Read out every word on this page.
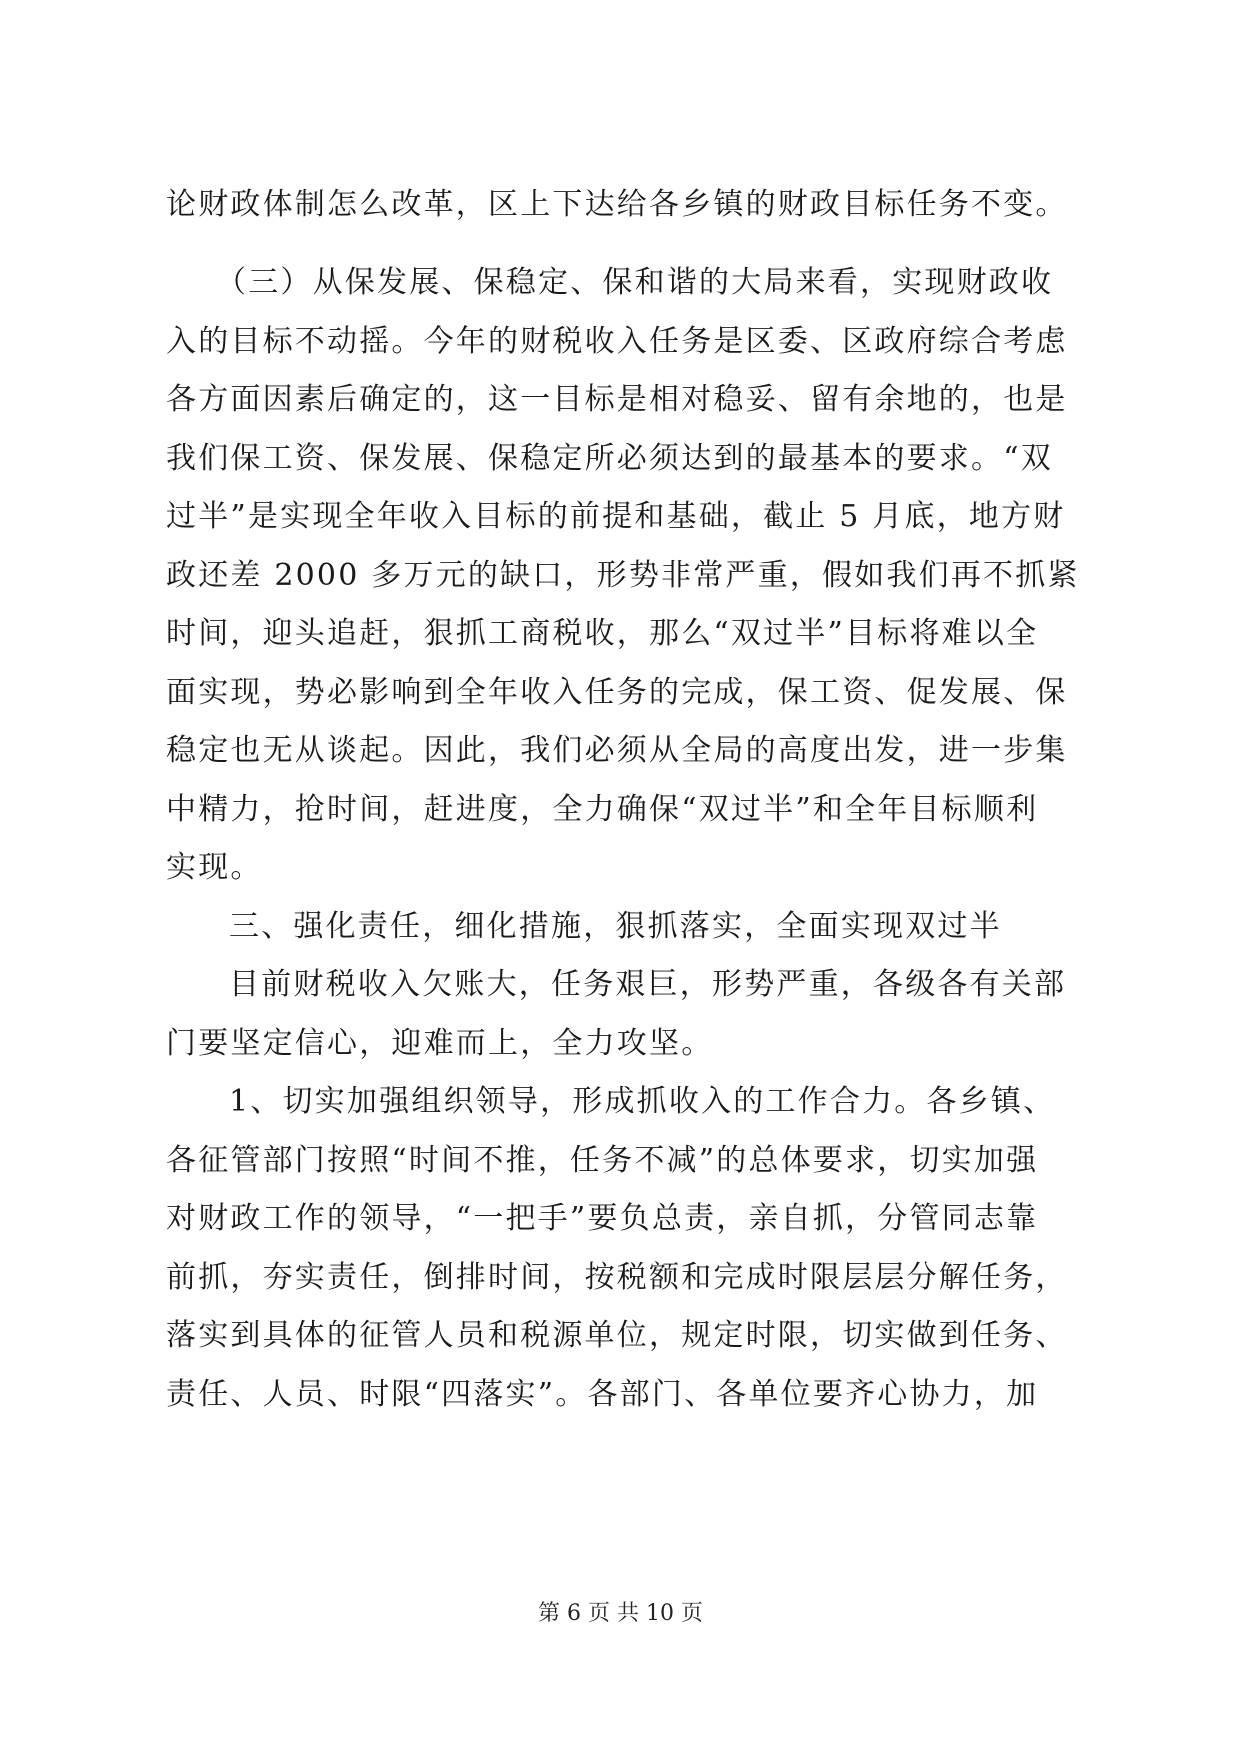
论财政体制怎么改革，区上下达给各乡镇的财政目标任务不变。
（三）从保发展、保稳定、保和谐的大局来看，实现财政收
入的目标不动摇。今年的财税收入任务是区委、区政府综合考虑
各方面因素后确定的，这一目标是相对稳妥、留有余地的，也是
我们保工资、保发展、保稳定所必须达到的最基本的要求。“双
过半”是实现全年收入目标的前提和基础，截止 5 月底，地方财
政还差 2000 多万元的缺口，形势非常严重，假如我们再不抓紧
时间，迎头追赶，狠抓工商税收，那么“双过半”目标将难以全
面实现，势必影响到全年收入任务的完成，保工资、促发展、保
稳定也无从谈起。因此，我们必须从全局的高度出发，进一步集
中精力，抢时间，赶进度，全力确保“双过半”和全年目标顺利
实现。
三、强化责任，细化措施，狠抓落实，全面实现双过半
目前财税收入欠账大，任务艰巨，形势严重，各级各有关部
门要坚定信心，迎难而上，全力攻坚。
1、切实加强组织领导，形成抓收入的工作合力。各乡镇、
各征管部门按照“时间不推，任务不减”的总体要求，切实加强
对财政工作的领导，“一把手”要负总责，亲自抓，分管同志靠
前抓，夯实责任，倒排时间，按税额和完成时限层层分解任务，
落实到具体的征管人员和税源单位，规定时限，切实做到任务、
责任、人员、时限“四落实”。各部门、各单位要齐心协力，加
第 6 页 共 10 页
